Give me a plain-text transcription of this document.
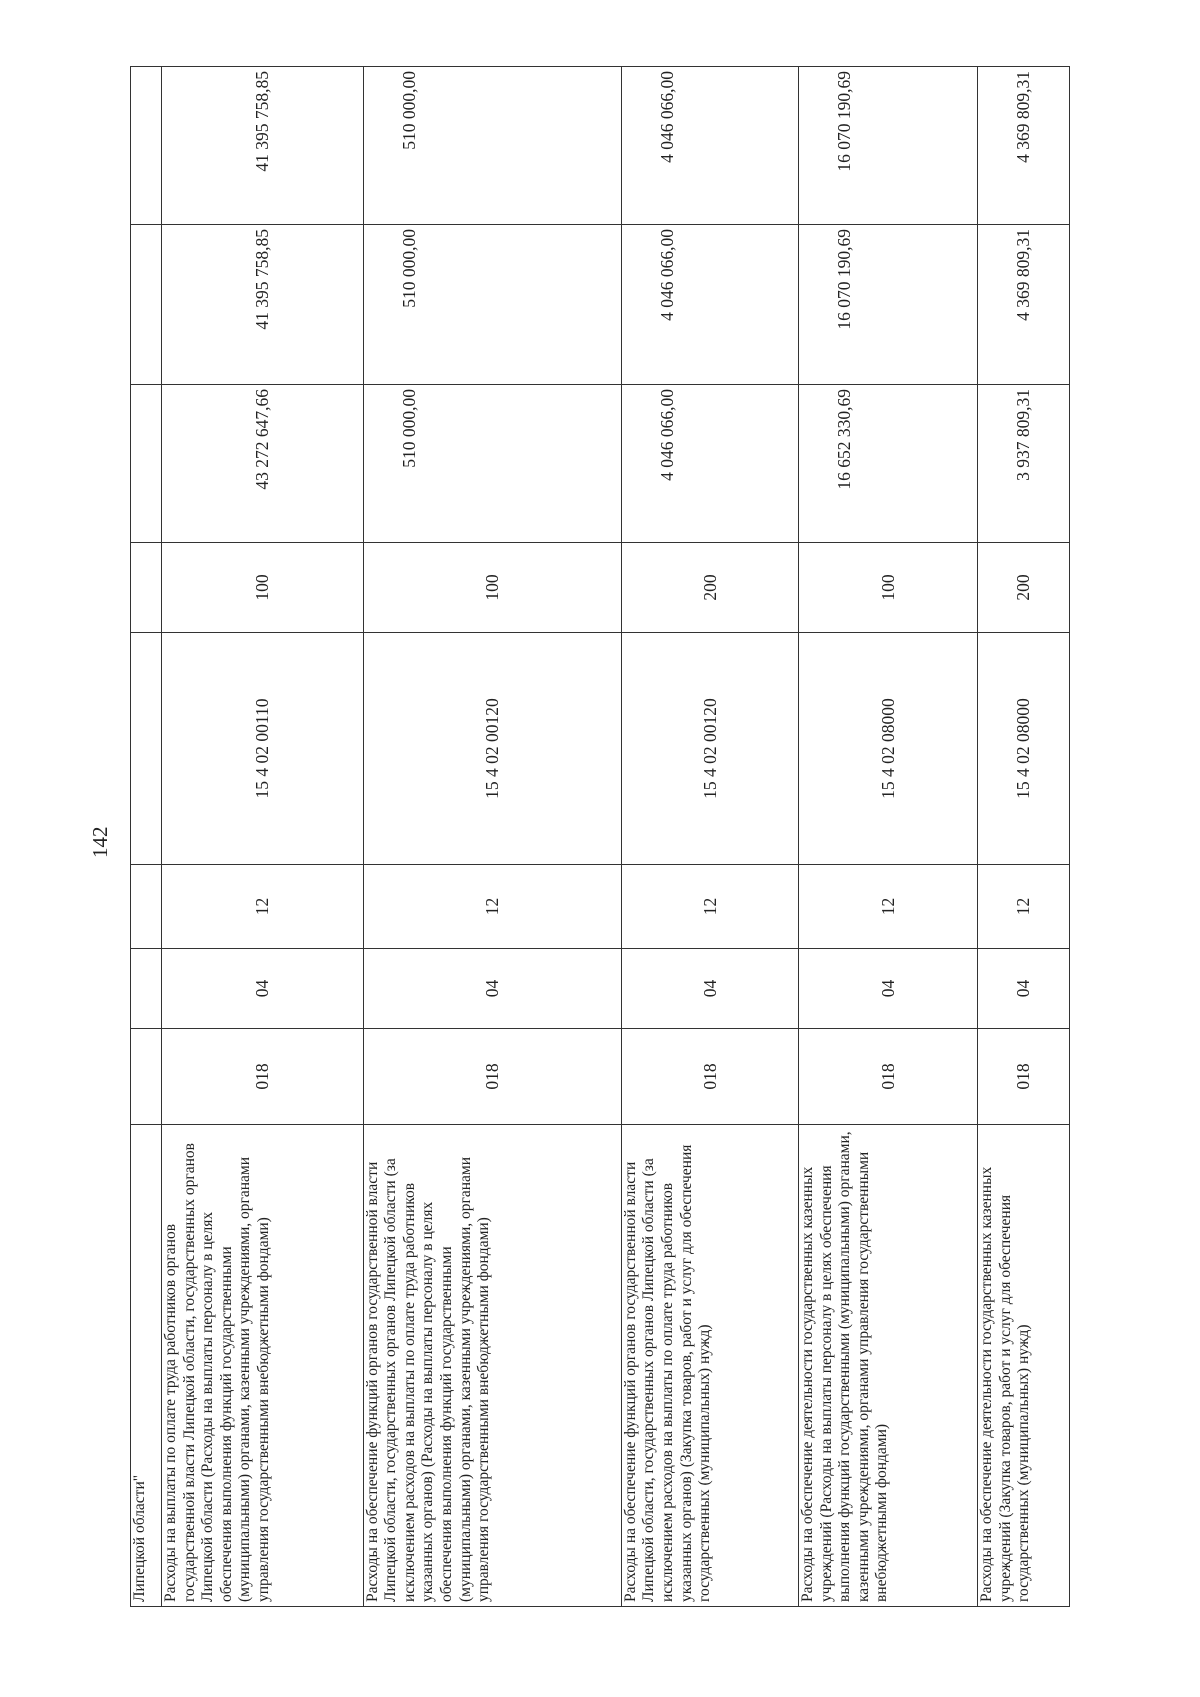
142
Липецкой области"								
Расходы на выплаты по оплате труда работников органов государственной власти Липецкой области, государственных органов Липецкой области (Расходы на выплаты персоналу в целях обеспечения выполнения функций государственными (муниципальными) органами, казенными учреждениями, органами управления государственными внебюджетными фондами)	018	04	12	15 4 02 00110	100	43 272 647,66	41 395 758,85	41 395 758,85
Расходы на обеспечение функций органов государственной власти Липецкой области, государственных органов Липецкой области (за исключением расходов на выплаты по оплате труда работников указанных органов) (Расходы на выплаты персоналу в целях обеспечения выполнения функций государственными (муниципальными) органами, казенными учреждениями, органами управления государственными внебюджетными фондами)	018	04	12	15 4 02 00120	100	510 000,00	510 000,00	510 000,00
Расходы на обеспечение функций органов государственной власти Липецкой области, государственных органов Липецкой области (за исключением расходов на выплаты по оплате труда работников указанных органов) (Закупка товаров, работ и услуг для обеспечения государственных (муниципальных) нужд)	018	04	12	15 4 02 00120	200	4 046 066,00	4 046 066,00	4 046 066,00
Расходы на обеспечение деятельности государственных казенных учреждений (Расходы на выплаты персоналу в целях обеспечения выполнения функций государственными (муниципальными) органами, казенными учреждениями, органами управления государственными внебюджетными фондами)	018	04	12	15 4 02 08000	100	16 652 330,69	16 070 190,69	16 070 190,69
Расходы на обеспечение деятельности государственных казенных учреждений (Закупка товаров, работ и услуг для обеспечения государственных (муниципальных) нужд)	018	04	12	15 4 02 08000	200	3 937 809,31	4 369 809,31	4 369 809,31
